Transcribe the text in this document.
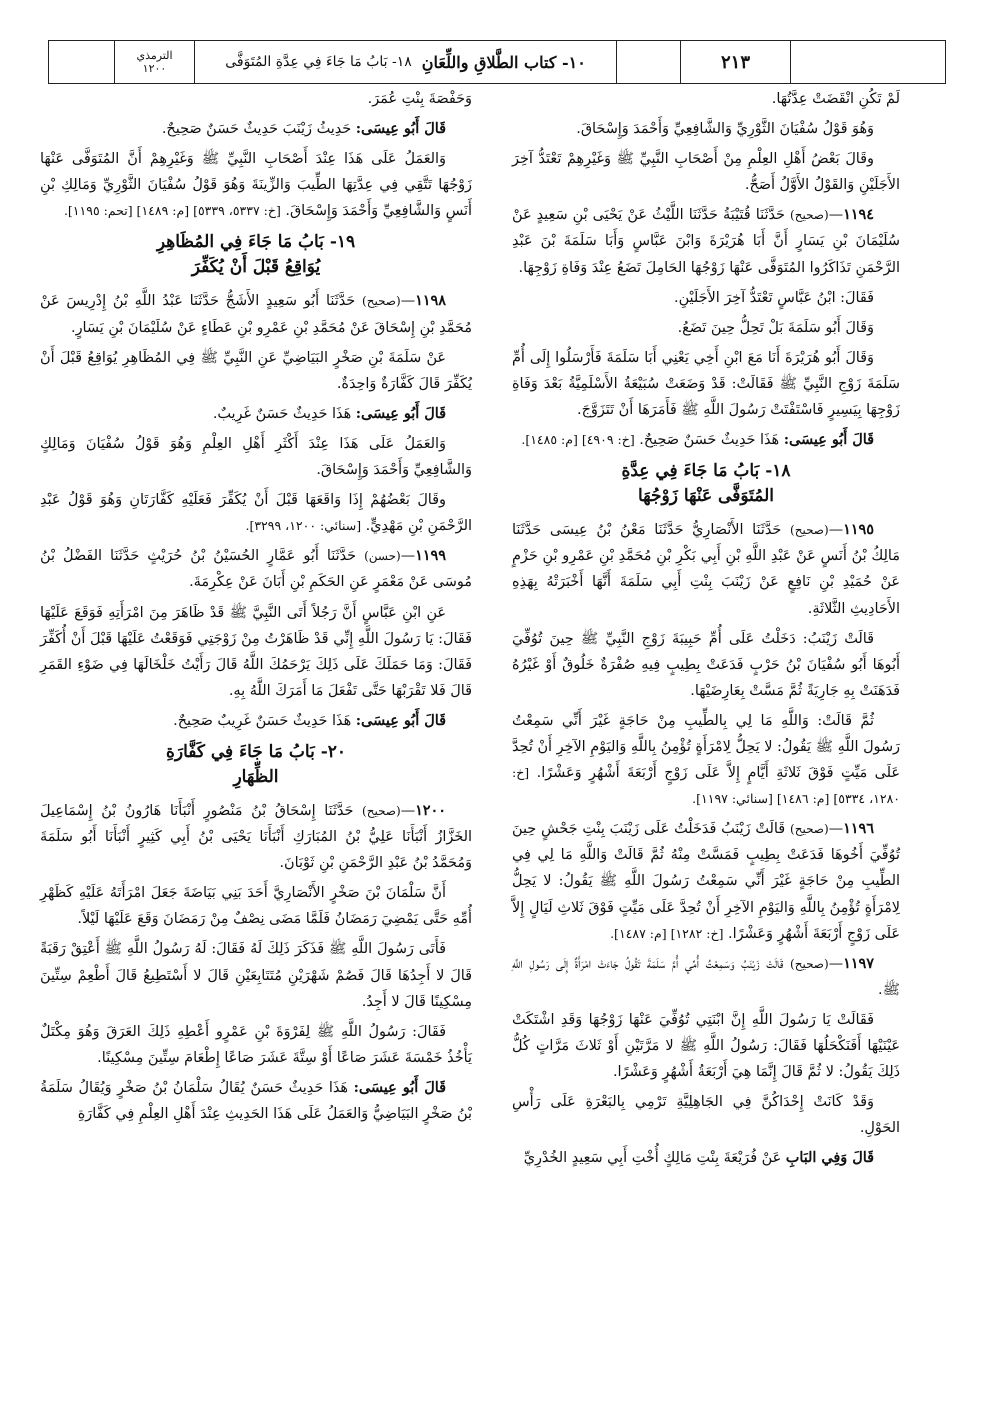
الترمذي
١٢٠٠	١٠- كتاب الطَّلاقِ واللِّعَانِ
١٨- بَابُ مَا جَاءَ فِي عِدَّةِ المُتَوَفَّى	٢١٣

لَمْ تَكُنِ انْقَضَتْ عِدَّتُهَا.

وَهُوَ قَوْلُ سُفْيَانَ الثَّوْرِيِّ وَالشَّافِعِيِّ وَأَحْمَدَ وَإِسْحَاقَ.

وقَالَ بَعْضُ أَهْلِ العِلْمِ مِنْ أَصْحَابِ النَّبِيِّ ﷺ وَغَيْرِهِمْ تَعْتَدُّ آخِرَ الأَجَلَيْنِ وَالقَوْلُ الأَوَّلُ أَصَحُّ.

١١٩٤—(صحيح) حَدَّثَنَا قُتَيْبَةُ حَدَّثَنَا اللَّيْثُ عَنْ يَحْيَى بْنِ سَعِيدٍ عَنْ سُلَيْمَانَ بْنِ يَسَارٍ أَنَّ أَبَا هُرَيْرَةَ وَابْنَ عَبَّاسٍ وَأَبَا سَلَمَةَ بْنَ عَبْدِ الرَّحْمَنِ تَذَاكَرُوا المُتَوَفَّى عَنْهَا زَوْجُهَا الحَامِلَ تَضَعُ عِنْدَ وَفَاةِ زَوْجِهَا.

فَقَالَ: ابْنُ عَبَّاسٍ تَعْتَدُّ آخِرَ الأَجَلَيْنِ.

وَقَالَ أَبُو سَلَمَةَ بَلْ تَحِلُّ حِينَ تَضَعُ.

وَقَالَ أَبُو هُرَيْرَةَ أَنَا مَعَ ابْنِ أَخِي يَعْنِي أَبَا سَلَمَةَ فَأَرْسَلُوا إِلَى أُمِّ سَلَمَةَ زَوْجِ النَّبِيِّ ﷺ فَقَالَتْ: قَدْ وَضَعَتْ سُبَيْعَةُ الأَسْلَمِيَّةُ بَعْدَ وَفَاةِ زَوْجِهَا بِيَسِيرٍ فَاسْتَفْتَتْ رَسُولَ اللَّهِ ﷺ فَأَمَرَهَا أَنْ تَتَزَوَّجَ.

قَالَ أَبُو عِيسَى: هَذَا حَدِيثٌ حَسَنٌ صَحِيحٌ. [خ: ٤٩٠٩] [م: ١٤٨٥].

١٨- بَابُ مَا جَاءَ فِي عِدَّةِ
المُتَوَفَّى عَنْهَا زَوْجُهَا

١١٩٥—(صحيح) حَدَّثَنَا الأَنْصَارِيُّ حَدَّثَنَا مَعْنُ بْنُ عِيسَى حَدَّثَنَا مَالِكُ بْنُ أَنَسٍ عَنْ عَبْدِ اللَّهِ بْنِ أَبِي بَكْرِ بْنِ مُحَمَّدِ بْنِ عَمْرِو بْنِ حَزْمٍ عَنْ حُمَيْدِ بْنِ نَافِعٍ عَنْ زَيْنَبَ بِنْتِ أَبِي سَلَمَةَ أَنَّهَا أَخْبَرَتْهُ بِهَذِهِ الأَحَادِيثِ الثَّلاثَةِ.

قَالَتْ زَيْنَبُ: دَخَلْتُ عَلَى أُمِّ حَبِيبَةَ زَوْجِ النَّبِيِّ ﷺ حِينَ تُوُفِّيَ أَبُوهَا أَبُو سُفْيَانَ بْنُ حَرْبٍ فَدَعَتْ بِطِيبٍ فِيهِ صُفْرَةٌ خَلُوقٌ أَوْ غَيْرُهُ فَدَهَنَتْ بِهِ جَارِيَةً ثُمَّ مَسَّتْ بِعَارِضَيْهَا.

ثُمَّ قَالَتْ: وَاللَّهِ مَا لِي بِالطِّيبِ مِنْ حَاجَةٍ غَيْرَ أَنِّي سَمِعْتُ رَسُولَ اللَّهِ ﷺ يَقُولُ: لا يَحِلُّ لِامْرَأَةٍ تُؤْمِنُ بِاللَّهِ وَاليَوْمِ الآخِرِ أَنْ تُحِدَّ عَلَى مَيِّتٍ فَوْقَ ثَلاثَةِ أَيَّامٍ إِلاَّ عَلَى زَوْجٍ أَرْبَعَةَ أَشْهُرٍ وَعَشْرًا. [خ: ١٢٨٠، ٥٣٣٤] [م: ١٤٨٦] [سنائي: ١١٩٧].

١١٩٦—(صحيح) قَالَتْ زَيْنَبُ فَدَخَلْتُ عَلَى زَيْنَبَ بِنْتِ جَحْشٍ حِينَ تُوُفِّيَ أَخُوهَا فَدَعَتْ بِطِيبٍ فَمَسَّتْ مِنْهُ ثُمَّ قَالَتْ وَاللَّهِ مَا لِي فِي الطِّيبِ مِنْ حَاجَةٍ غَيْرَ أَنِّي سَمِعْتُ رَسُولَ اللَّهِ ﷺ يَقُولُ: لا يَحِلُّ لِامْرَأَةٍ تُؤْمِنُ بِاللَّهِ وَاليَوْمِ الآخِرِ أَنْ تُحِدَّ عَلَى مَيِّتٍ فَوْقَ ثَلاثِ لَيَالٍ إِلاَّ عَلَى زَوْجٍ أَرْبَعَةَ أَشْهُرٍ وَعَشْرًا. [خ: ١٢٨٢] [م: ١٤٨٧].

١١٩٧—(صحيح) قَالَتْ زَيْنَبُ وَسَمِعْتُ أُمِّي أُمَّ سَلَمَةَ تَقُولُ جَاءَتْ امْرَأَةٌ إِلَى رَسُولِ اللَّهِ ﷺ.

فَقَالَتْ يَا رَسُولَ اللَّهِ إِنَّ ابْنَتِي تُوُفِّيَ عَنْهَا زَوْجُهَا وَقَدِ اشْتَكَتْ عَيْنَيْهَا أَفَنَكْحَلُهَا فَقَالَ: رَسُولُ اللَّهِ ﷺ لا مَرَّتَيْنِ أَوْ ثَلاثَ مَرَّاتٍ كُلُّ ذَلِكَ يَقُولُ: لا ثُمَّ قَالَ إِنَّمَا هِيَ أَرْبَعَةُ أَشْهُرٍ وَعَشْرًا.

وَقَدْ كَانَتْ إِحْدَاكُنَّ فِي الجَاهِلِيَّةِ تَرْمِي بِالبَعْرَةِ عَلَى رَأْسِ الحَوْلِ.

قَالَ وَفِي البَابِ عَنْ فُرَيْعَةَ بِنْتِ مَالِكٍ أُخْتِ أَبِي سَعِيدٍ الخُدْرِيِّ

وَحَفْصَةَ بِنْتِ عُمَرَ.

قَالَ أَبُو عِيسَى: حَدِيثُ زَيْنَبَ حَدِيثٌ حَسَنٌ صَحِيحٌ.

وَالعَمَلُ عَلَى هَذَا عِنْدَ أَصْحَابِ النَّبِيِّ ﷺ وَغَيْرِهِمْ أَنَّ المُتَوَفَّى عَنْهَا زَوْجُهَا تَتَّقِي فِي عِدَّتِهَا الطِّيبَ وَالزِّينَةَ وَهُوَ قَوْلُ سُفْيَانَ الثَّوْرِيِّ وَمَالِكِ بْنِ أَنَسٍ وَالشَّافِعِيِّ وَأَحْمَدَ وَإِسْحَاقَ. [خ: ٥٣٣٧، ٥٣٣٩] [م: ١٤٨٩] [تحم: ١١٩٥].

١٩- بَابُ مَا جَاءَ فِي المُظَاهِرِ
يُوَاقِعُ قَبْلَ أَنْ يُكَفِّرَ

١١٩٨—(صحيح) حَدَّثَنَا أَبُو سَعِيدٍ الأَشَجُّ حَدَّثَنَا عَبْدُ اللَّهِ بْنُ إِدْرِيسَ عَنْ مُحَمَّدِ بْنِ إِسْحَاقَ عَنْ مُحَمَّدِ بْنِ عَمْرِو بْنِ عَطَاءٍ عَنْ سُلَيْمَانَ بْنِ يَسَارٍ.

عَنْ سَلَمَةَ بْنِ صَخْرٍ البَيَاضِيِّ عَنِ النَّبِيِّ ﷺ فِي المُظَاهِرِ يُوَاقِعُ قَبْلَ أَنْ يُكَفِّرَ قَالَ كَفَّارَةٌ وَاحِدَةٌ.

قَالَ أَبُو عِيسَى: هَذَا حَدِيثٌ حَسَنٌ غَرِيبٌ.

وَالعَمَلُ عَلَى هَذَا عِنْدَ أَكْثَرِ أَهْلِ العِلْمِ وَهُوَ قَوْلُ سُفْيَانَ وَمَالِكٍ وَالشَّافِعِيِّ وَأَحْمَدَ وَإِسْحَاقَ.

وقَالَ بَعْضُهُمْ إِذَا وَاقَعَهَا قَبْلَ أَنْ يُكَفِّرَ فَعَلَيْهِ كَفَّارَتَانِ وَهُوَ قَوْلُ عَبْدِ الرَّحْمَنِ بْنِ مَهْدِيٍّ. [سنائي: ١٢٠٠، ٣٢٩٩].

١١٩٩—(حسن) حَدَّثَنَا أَبُو عَمَّارٍ الحُسَيْنُ بْنُ حُرَيْثٍ حَدَّثَنَا الفَضْلُ بْنُ مُوسَى عَنْ مَعْمَرٍ عَنِ الحَكَمِ بْنِ أَبَانَ عَنْ عِكْرِمَةَ.

عَنِ ابْنِ عَبَّاسٍ أَنَّ رَجُلاً أَتَى النَّبِيَّ ﷺ قَدْ ظَاهَرَ مِنَ امْرَأَتِهِ فَوَقَعَ عَلَيْهَا فَقَالَ: يَا رَسُولَ اللَّهِ إِنِّي قَدْ ظَاهَرْتُ مِنْ زَوْجَتِي فَوَقَعْتُ عَلَيْهَا قَبْلَ أَنْ أُكَفِّرَ فَقَالَ: وَمَا حَمَلَكَ عَلَى ذَلِكَ يَرْحَمُكَ اللَّهُ قَالَ رَأَيْتُ خَلْخَالَهَا فِي ضَوْءِ القَمَرِ قَالَ فَلا تَقْرَبْهَا حَتَّى تَفْعَلَ مَا أَمَرَكَ اللَّهُ بِهِ.

قَالَ أَبُو عِيسَى: هَذَا حَدِيثٌ حَسَنٌ غَرِيبٌ صَحِيحٌ.

٢٠- بَابُ مَا جَاءَ فِي كَفَّارَةِ
الظِّهَارِ

١٢٠٠—(صحيح) حَدَّثَنَا إِسْحَاقُ بْنُ مَنْصُورٍ أَنْبَأَنَا هَارُونُ بْنُ إِسْمَاعِيلَ الخَزَّازُ أَنْبَأَنَا عَلِيُّ بْنُ المُبَارَكِ أَنْبَأَنَا يَحْيَى بْنُ أَبِي كَثِيرٍ أَنْبَأَنَا أَبُو سَلَمَةَ وَمُحَمَّدُ بْنُ عَبْدِ الرَّحْمَنِ بْنِ ثَوْبَانَ.

أَنَّ سَلْمَانَ بْنَ صَخْرٍ الأَنْصَارِيَّ أَحَدَ بَنِي بَيَاضَةَ جَعَلَ امْرَأَتَهُ عَلَيْهِ كَظَهْرِ أُمِّهِ حَتَّى يَمْضِيَ رَمَضَانُ فَلَمَّا مَضَى نِصْفٌ مِنْ رَمَضَانَ وَقَعَ عَلَيْهَا لَيْلاً.

فَأَتَى رَسُولَ اللَّهِ ﷺ فَذَكَرَ ذَلِكَ لَهُ فَقَالَ: لَهُ رَسُولُ اللَّهِ ﷺ أَعْتِقْ رَقَبَةً قَالَ لا أَجِدُهَا قَالَ فَصُمْ شَهْرَيْنِ مُتَتَابِعَيْنِ قَالَ لا أَسْتَطِيعُ قَالَ أَطْعِمْ سِتِّينَ مِسْكِينًا قَالَ لا أَجِدُ.

فَقَالَ: رَسُولُ اللَّهِ ﷺ لِفَرْوَةَ بْنِ عَمْرٍو أَعْطِهِ ذَلِكَ العَرَقَ وَهُوَ مِكْتَلٌ يَأْخُذُ خَمْسَةَ عَشَرَ صَاعًا أَوْ سِتَّةَ عَشَرَ صَاعًا إِطْعَامَ سِتِّينَ مِسْكِينًا.

قَالَ أَبُو عِيسَى: هَذَا حَدِيثٌ حَسَنٌ يُقَالُ سَلْمَانُ بْنُ صَخْرٍ وَيُقَالُ سَلَمَةُ بْنُ صَخْرٍ البَيَاضِيُّ وَالعَمَلُ عَلَى هَذَا الحَدِيثِ عِنْدَ أَهْلِ العِلْمِ فِي كَفَّارَةِ
